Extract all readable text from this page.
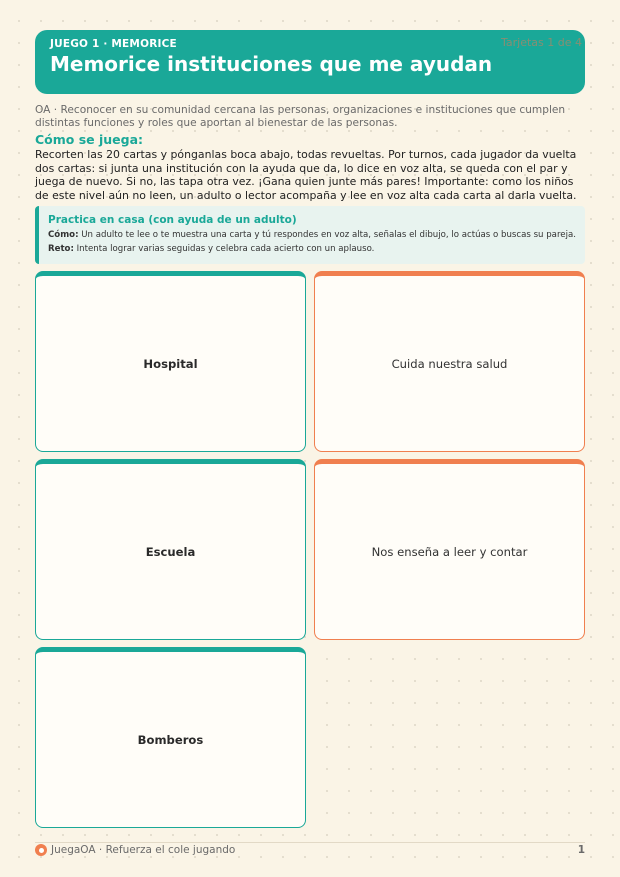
JUEGO 1 · MEMORICE
Memorice instituciones que me ayudan
Tarjetas 1 de 4
OA · Reconocer en su comunidad cercana las personas, organizaciones e instituciones que cumplen distintas funciones y roles que aportan al bienestar de las personas.
Cómo se juega:
Recorten las 20 cartas y pónganlas boca abajo, todas revueltas. Por turnos, cada jugador da vuelta dos cartas: si junta una institución con la ayuda que da, lo dice en voz alta, se queda con el par y juega de nuevo. Si no, las tapa otra vez. ¡Gana quien junte más pares! Importante: como los niños de este nivel aún no leen, un adulto o lector acompaña y lee en voz alta cada carta al darla vuelta.
Practica en casa (con ayuda de un adulto)
Cómo: Un adulto te lee o te muestra una carta y tú respondes en voz alta, señalas el dibujo, lo actúas o buscas su pareja.
Reto: Intenta lograr varias seguidas y celebra cada acierto con un aplauso.
Hospital	Cuida nuestra salud
Escuela	Nos enseña a leer y contar
Bomberos
JuegaOA · Refuerza el cole jugando	1
